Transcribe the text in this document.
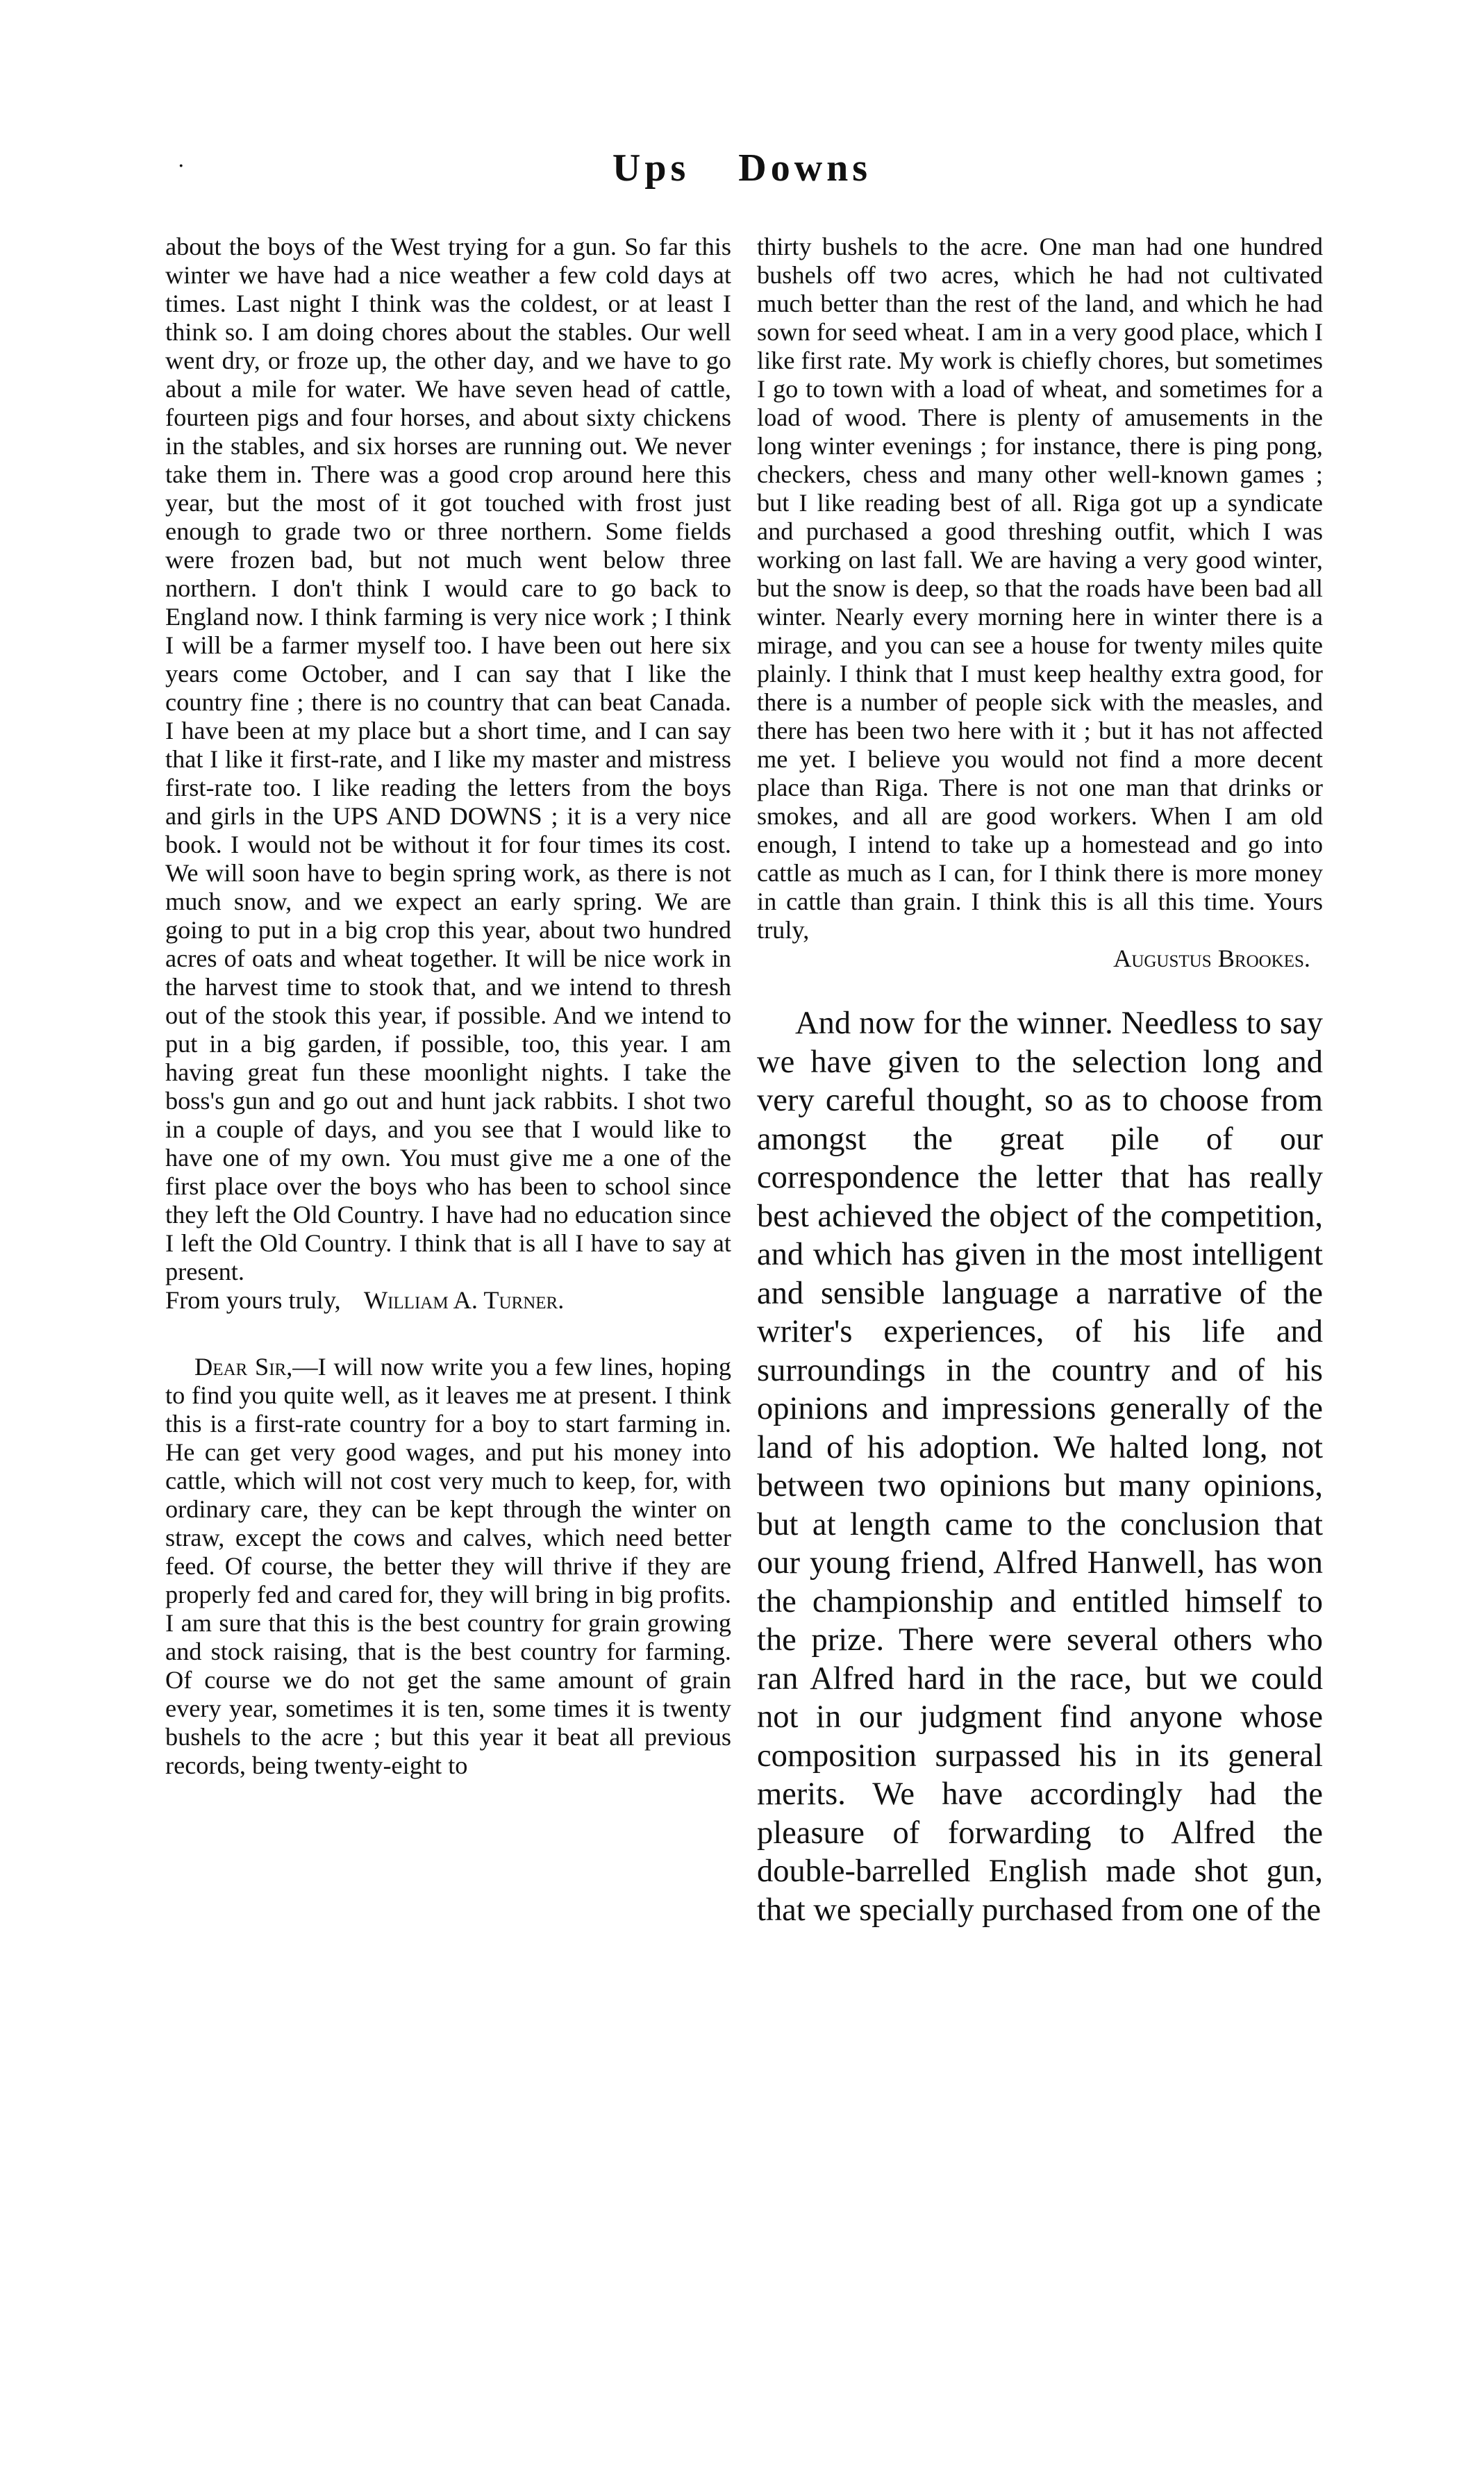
·	Ups Downs

about the boys of the West trying for a gun. So far this winter we have had a nice weather a few cold days at times. Last night I think was the coldest, or at least I think so. I am doing chores about the stables. Our well went dry, or froze up, the other day, and we have to go about a mile for water. We have seven head of cattle, fourteen pigs and four horses, and about sixty chickens in the stables, and six horses are running out. We never take them in. There was a good crop around here this year, but the most of it got touched with frost just enough to grade two or three northern. Some fields were frozen bad, but not much went below three northern. I don't think I would care to go back to England now. I think farming is very nice work ; I think I will be a farmer myself too. I have been out here six years come October, and I can say that I like the country fine ; there is no country that can beat Canada. I have been at my place but a short time, and I can say that I like it first-rate, and I like my master and mistress first-rate too. I like reading the letters from the boys and girls in the UPS AND DOWNS ; it is a very nice book. I would not be without it for four times its cost. We will soon have to begin spring work, as there is not much snow, and we expect an early spring. We are going to put in a big crop this year, about two hundred acres of oats and wheat together. It will be nice work in the harvest time to stook that, and we intend to thresh out of the stook this year, if possible. And we intend to put in a big garden, if possible, too, this year. I am having great fun these moonlight nights. I take the boss's gun and go out and hunt jack rabbits. I shot two in a couple of days, and you see that I would like to have one of my own. You must give me a one of the first place over the boys who has been to school since they left the Old Country. I have had no education since I left the Old Country. I think that is all I have to say at present.

From yours truly, William A. Turner.

Dear Sir,—I will now write you a few lines, hoping to find you quite well, as it leaves me at present. I think this is a first-rate country for a boy to start farming in. He can get very good wages, and put his money into cattle, which will not cost very much to keep, for, with ordinary care, they can be kept through the winter on straw, except the cows and calves, which need better feed. Of course, the better they will thrive if they are properly fed and cared for, they will bring in big profits. I am sure that this is the best country for grain growing and stock raising, that is the best country for farming. Of course we do not get the same amount of grain every year, sometimes it is ten, some times it is twenty bushels to the acre ; but this year it beat all previous records, being twenty-eight to

thirty bushels to the acre. One man had one hundred bushels off two acres, which he had not cultivated much better than the rest of the land, and which he had sown for seed wheat. I am in a very good place, which I like first rate. My work is chiefly chores, but sometimes I go to town with a load of wheat, and sometimes for a load of wood. There is plenty of amusements in the long winter evenings ; for instance, there is ping pong, checkers, chess and many other well-known games ; but I like reading best of all. Riga got up a syndicate and purchased a good threshing outfit, which I was working on last fall. We are having a very good winter, but the snow is deep, so that the roads have been bad all winter. Nearly every morning here in winter there is a mirage, and you can see a house for twenty miles quite plainly. I think that I must keep healthy extra good, for there is a number of people sick with the measles, and there has been two here with it ; but it has not affected me yet. I believe you would not find a more decent place than Riga. There is not one man that drinks or smokes, and all are good workers. When I am old enough, I intend to take up a homestead and go into cattle as much as I can, for I think there is more money in cattle than grain. I think this is all this time. Yours truly,

Augustus Brookes.

And now for the winner. Needless to say we have given to the selection long and very careful thought, so as to choose from amongst the great pile of our correspondence the letter that has really best achieved the object of the competition, and which has given in the most intelligent and sensible language a narrative of the writer's experiences, of his life and surroundings in the country and of his opinions and impressions generally of the land of his adoption. We halted long, not between two opinions but many opinions, but at length came to the conclusion that our young friend, Alfred Hanwell, has won the championship and entitled himself to the prize. There were several others who ran Alfred hard in the race, but we could not in our judgment find anyone whose composition surpassed his in its general merits. We have accordingly had the pleasure of forwarding to Alfred the double-barrelled English made shot gun, that we specially purchased from one of the
